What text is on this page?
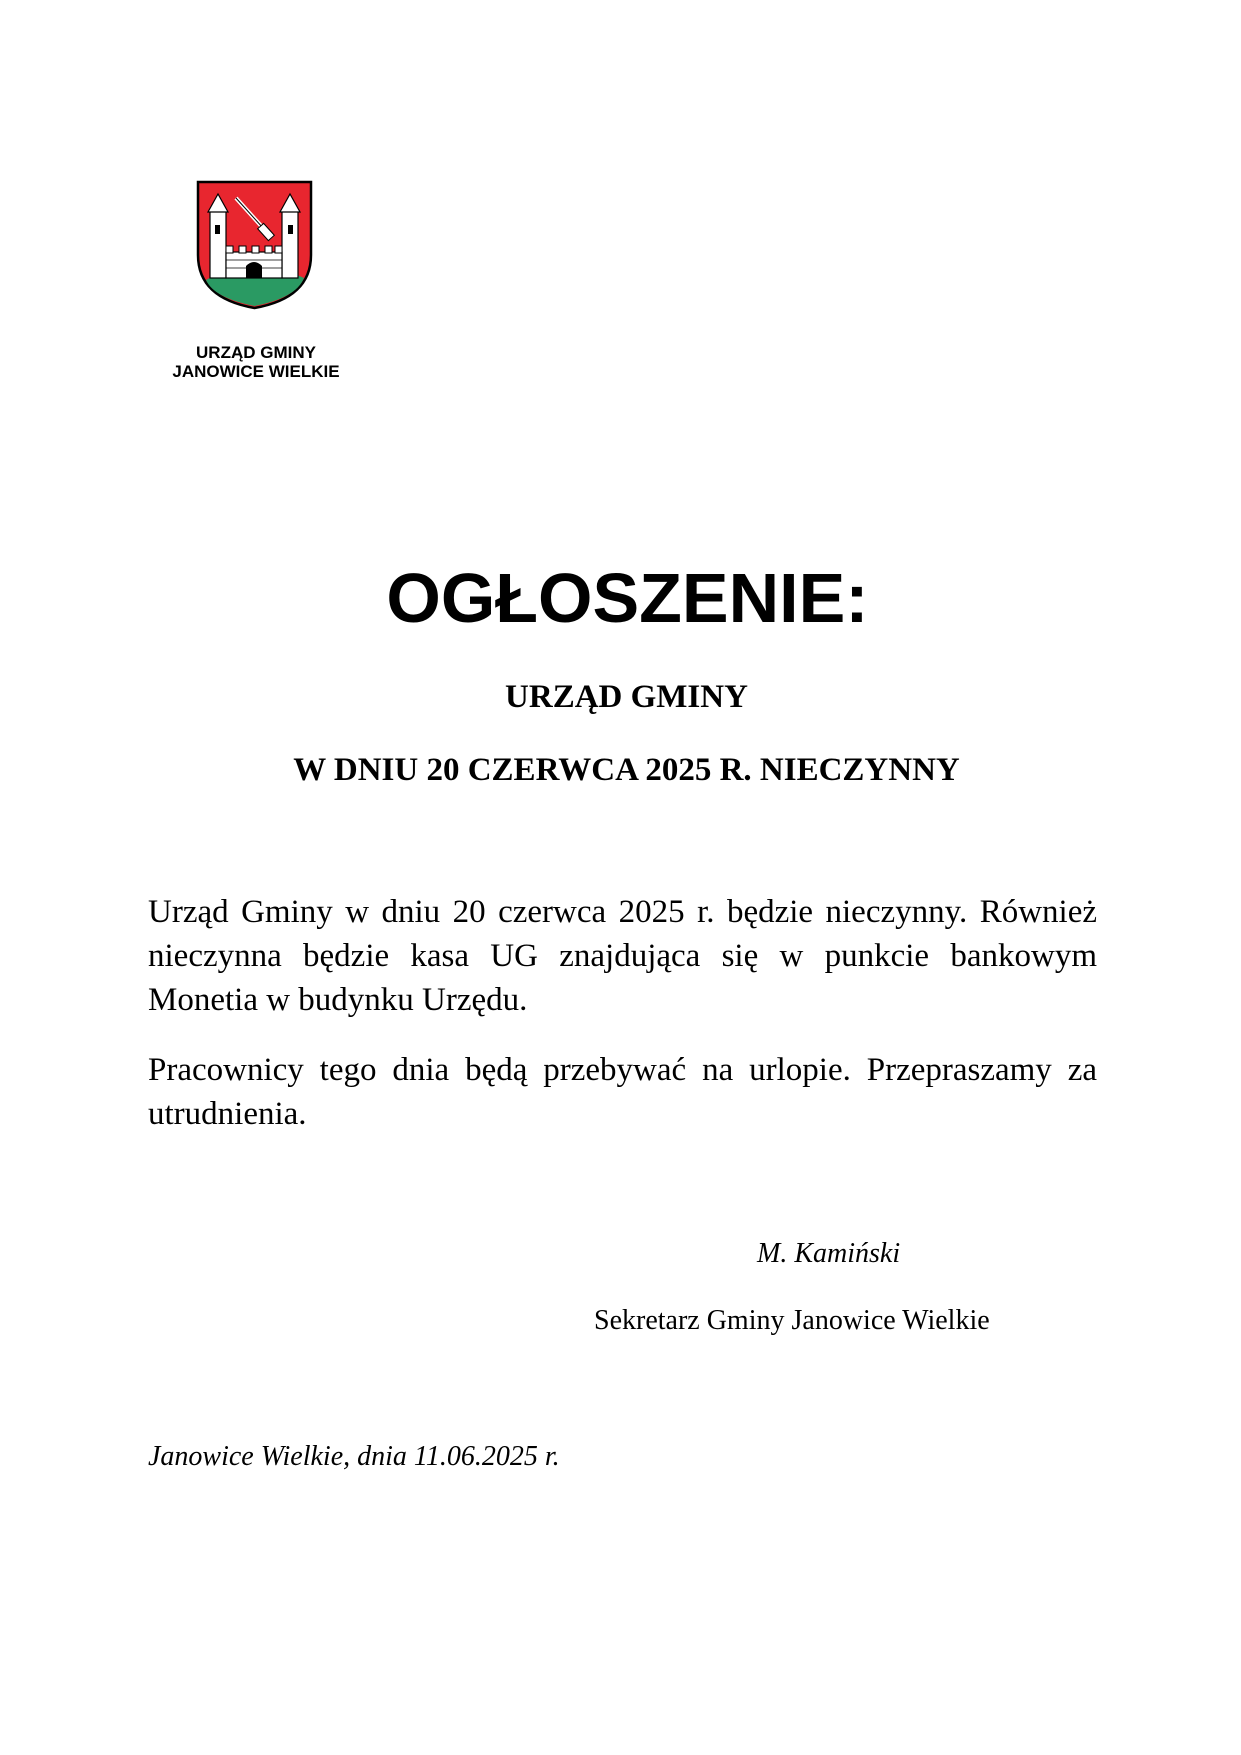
URZĄD GMINY
JANOWICE WIELKIE
OGŁOSZENIE:
URZĄD GMINY
W DNIU 20 CZERWCA 2025 R. NIECZYNNY
Urząd Gminy w dniu 20 czerwca 2025 r. będzie nieczynny. Również nieczynna będzie kasa UG znajdująca się w punkcie bankowym Monetia w budynku Urzędu.
Pracownicy tego dnia będą przebywać na urlopie. Przepraszamy za utrudnienia.
M. Kamiński
Sekretarz Gminy Janowice Wielkie
Janowice Wielkie, dnia 11.06.2025 r.
